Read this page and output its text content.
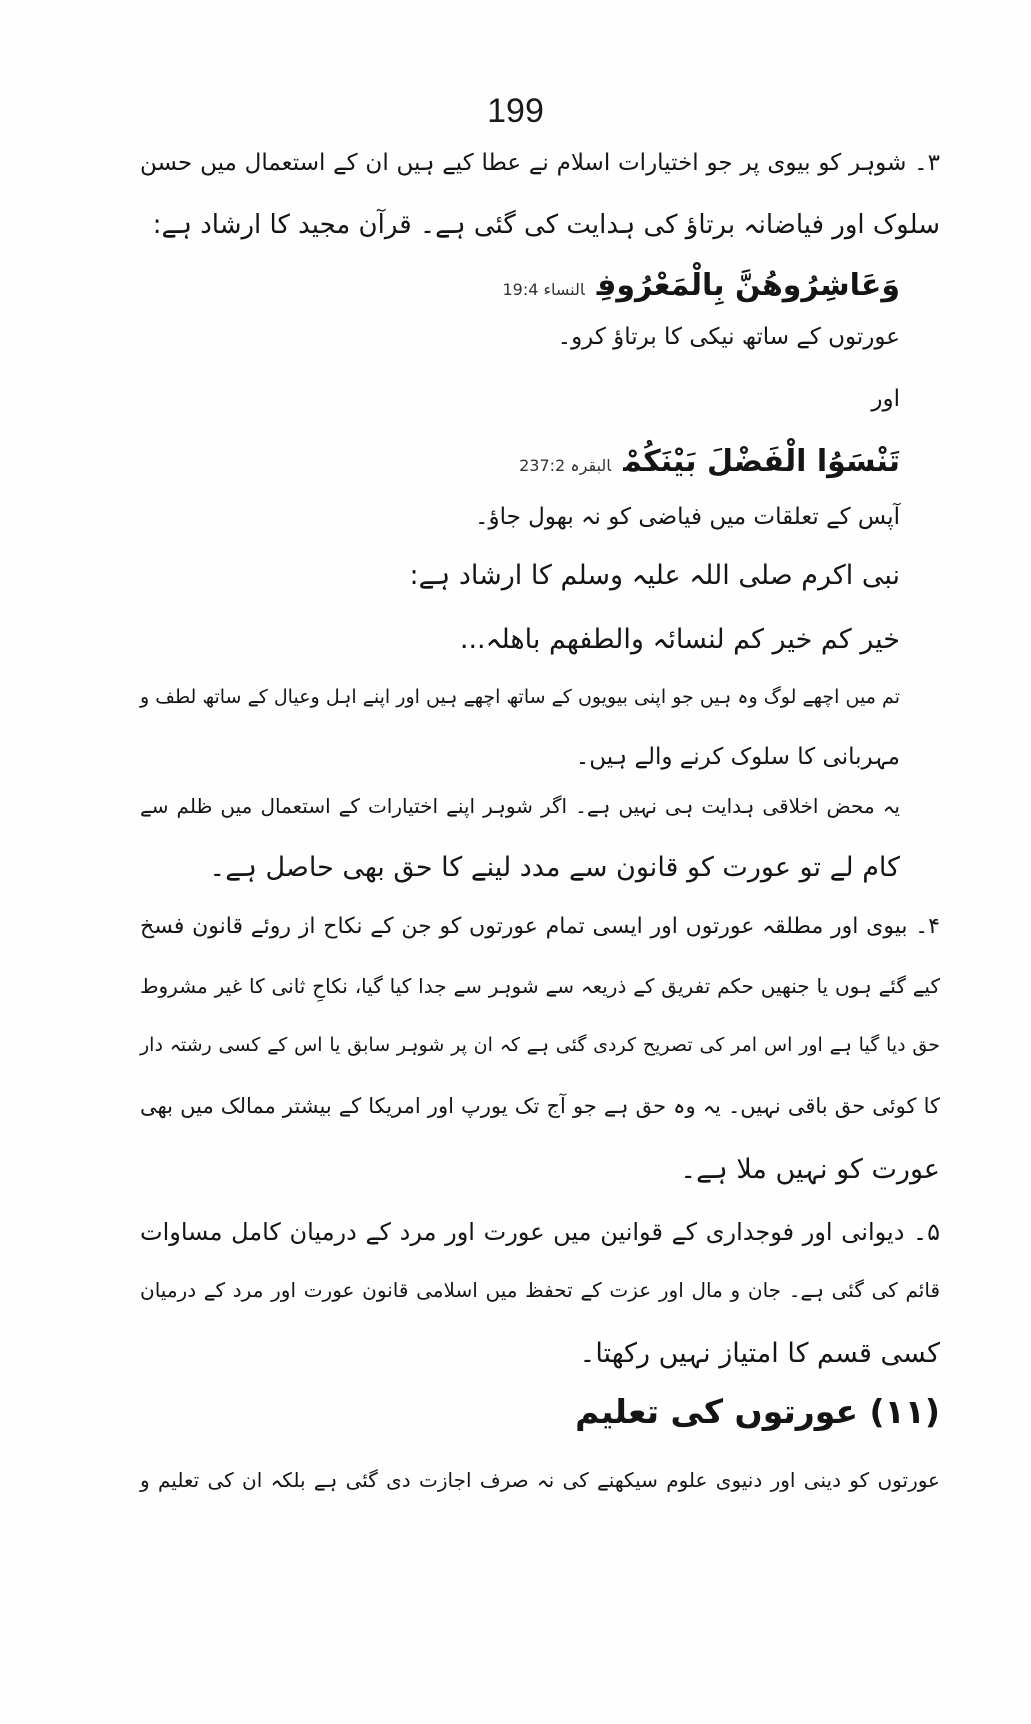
199
۳۔ شوہر کو بیوی پر جو اختیارات اسلام نے عطا کیے ہیں ان کے استعمال میں حسن
سلوک اور فیاضانہ برتاؤ کی ہدایت کی گئی ہے۔ قرآن مجید کا ارشاد ہے:
وَعَاشِرُوهُنَّ بِالْمَعْرُوفِالنساء 19:4
عورتوں کے ساتھ نیکی کا برتاؤ کرو۔
اور
تَنْسَوُا الْفَضْلَ بَيْنَكُمْالبقرہ 237:2
آپس کے تعلقات میں فیاضی کو نہ بھول جاؤ۔
نبی اکرم صلی اللہ علیہ وسلم کا ارشاد ہے:
خیر کم خیر کم لنسائہ والطفھم باھلہ...
تم میں اچھے لوگ وہ ہیں جو اپنی بیویوں کے ساتھ اچھے ہیں اور اپنے اہل وعیال کے ساتھ لطف و
مہربانی کا سلوک کرنے والے ہیں۔
یہ محض اخلاقی ہدایت ہی نہیں ہے۔ اگر شوہر اپنے اختیارات کے استعمال میں ظلم سے
کام لے تو عورت کو قانون سے مدد لینے کا حق بھی حاصل ہے۔
۴۔ بیوی اور مطلقہ عورتوں اور ایسی تمام عورتوں کو جن کے نکاح از روئے قانون فسخ
کیے گئے ہوں یا جنھیں حکم تفریق کے ذریعہ سے شوہر سے جدا کیا گیا، نکاحِ ثانی کا غیر مشروط
حق دیا گیا ہے اور اس امر کی تصریح کردی گئی ہے کہ ان پر شوہر سابق یا اس کے کسی رشتہ دار
کا کوئی حق باقی نہیں۔ یہ وہ حق ہے جو آج تک یورپ اور امریکا کے بیشتر ممالک میں بھی
عورت کو نہیں ملا ہے۔
۵۔ دیوانی اور فوجداری کے قوانین میں عورت اور مرد کے درمیان کامل مساوات
قائم کی گئی ہے۔ جان و مال اور عزت کے تحفظ میں اسلامی قانون عورت اور مرد کے درمیان
کسی قسم کا امتیاز نہیں رکھتا۔
(۱۱) عورتوں کی تعلیم
عورتوں کو دینی اور دنیوی علوم سیکھنے کی نہ صرف اجازت دی گئی ہے بلکہ ان کی تعلیم و
